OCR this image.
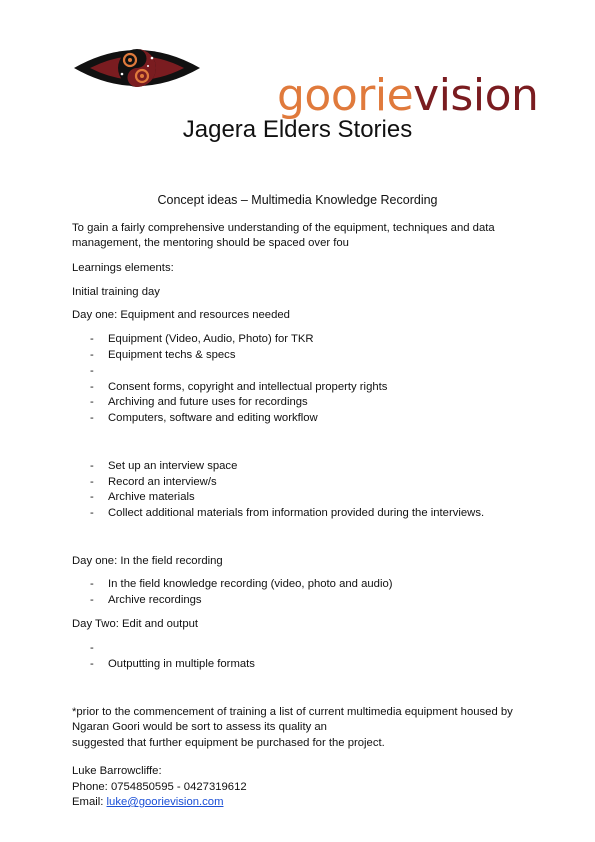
goorievision
Jagera Elders Stories
Concept ideas – Multimedia Knowledge Recording
To gain a fairly comprehensive understanding of the equipment, techniques and data
management, the mentoring should be spaced over fou
Learnings elements:
Initial training day
Day one: Equipment and resources needed
- Equipment (Video, Audio, Photo) for TKR
- Equipment techs & specs
-
- Consent forms, copyright and intellectual property rights
- Archiving and future uses for recordings
- Computers, software and editing workflow
- Set up an interview space
- Record an interview/s
- Archive materials
- Collect additional materials from information provided during the interviews.
Day one: In the field recording
- In the field knowledge recording (video, photo and audio)
- Archive recordings
Day Two: Edit and output
-
- Outputting in multiple formats
*prior to the commencement of training a list of current multimedia equipment housed by
Ngaran Goori would be sort to assess its quality an
suggested that further equipment be purchased for the project.
Luke Barrowcliffe:
Phone: 0754850595 - 0427319612
Email: luke@goorievision.com
